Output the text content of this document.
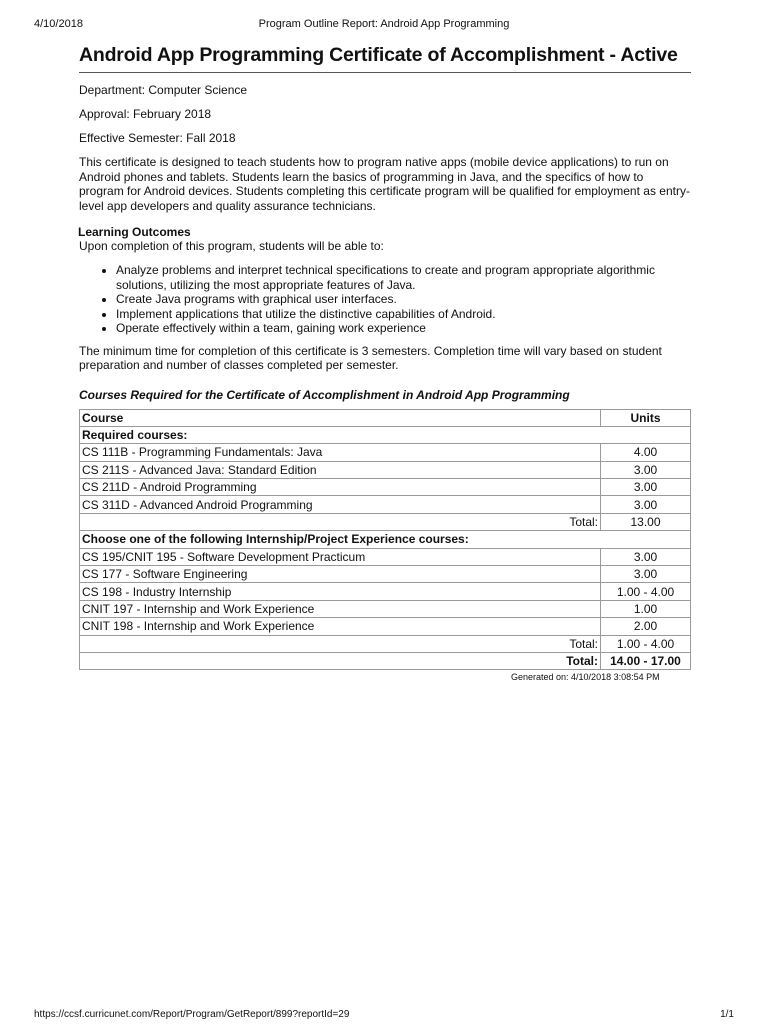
4/10/2018	Program Outline Report: Android App Programming
Android App Programming Certificate of Accomplishment - Active

Department: Computer Science

Approval: February 2018

Effective Semester: Fall 2018

This certificate is designed to teach students how to program native apps (mobile device applications) to run on Android phones and tablets. Students learn the basics of programming in Java, and the specifics of how to program for Android devices. Students completing this certificate program will be qualified for employment as entry-level app developers and quality assurance technicians.

Learning Outcomes

Upon completion of this program, students will be able to:

• Analyze problems and interpret technical specifications to create and program appropriate algorithmic solutions, utilizing the most appropriate features of Java.
• Create Java programs with graphical user interfaces.
• Implement applications that utilize the distinctive capabilities of Android.
• Operate effectively within a team, gaining work experience

The minimum time for completion of this certificate is 3 semesters. Completion time will vary based on student preparation and number of classes completed per semester.

Courses Required for the Certificate of Accomplishment in Android App Programming

Course	Units
Required courses:	
CS 111B - Programming Fundamentals: Java	4.00
CS 211S - Advanced Java: Standard Edition	3.00
CS 211D - Android Programming	3.00
CS 311D - Advanced Android Programming	3.00
Total:	13.00
Choose one of the following Internship/Project Experience courses:	
CS 195/CNIT 195 - Software Development Practicum	3.00
CS 177 - Software Engineering	3.00
CS 198 - Industry Internship	1.00 - 4.00
CNIT 197 - Internship and Work Experience	1.00
CNIT 198 - Internship and Work Experience	2.00
Total:	1.00 - 4.00
Total:	14.00 - 17.00

Generated on: 4/10/2018 3:08:54 PM

https://ccsf.curricunet.com/Report/Program/GetReport/899?reportId=29	1/1
